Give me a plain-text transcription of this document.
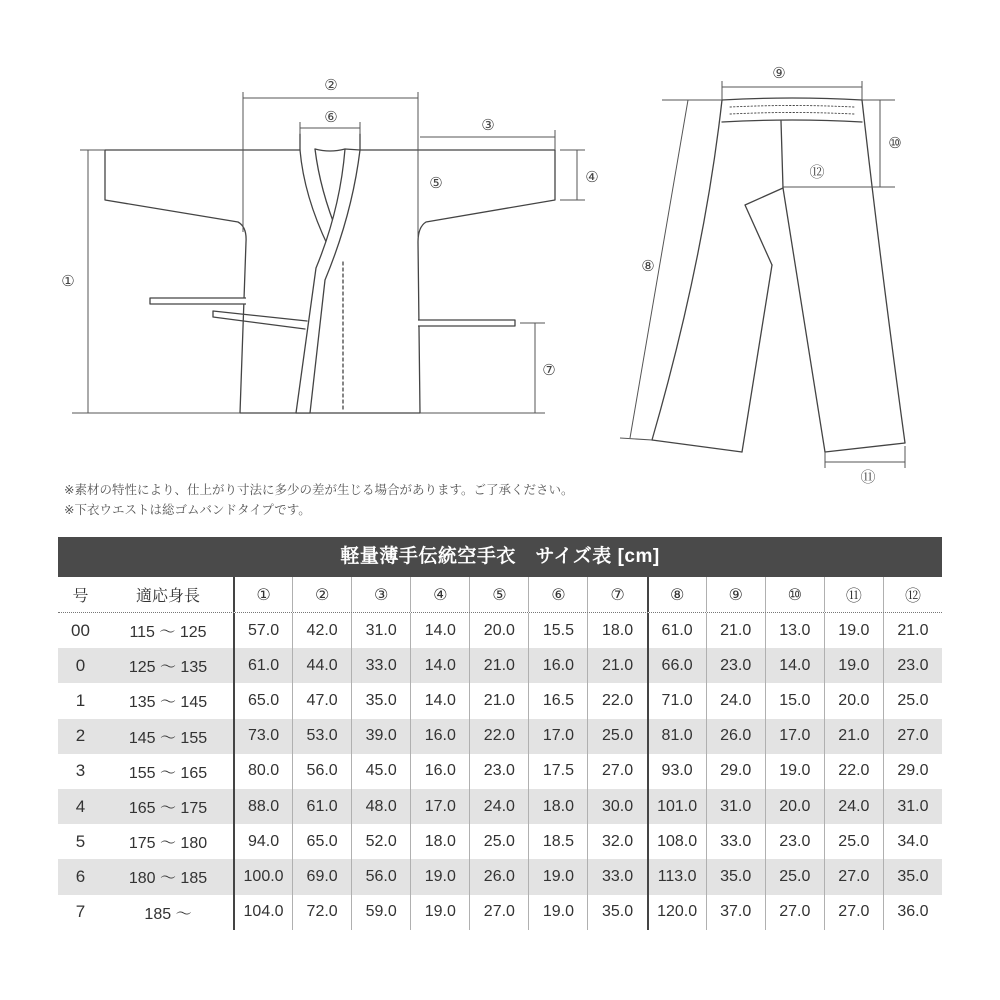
①
②
③
④
⑤
⑥
⑦
⑧
⑨
⑩
⑪
⑫
※素材の特性により、仕上がり寸法に多少の差が生じる場合があります。ご了承ください。
※下衣ウエストは総ゴムバンドタイプです。
軽量薄手伝統空手衣　サイズ表 [cm]
号	適応身長	①	②	③	④	⑤	⑥	⑦	⑧	⑨	⑩	⑪	⑫
00	115 ～ 125	57.0	42.0	31.0	14.0	20.0	15.5	18.0	61.0	21.0	13.0	19.0	21.0
0	125 ～ 135	61.0	44.0	33.0	14.0	21.0	16.0	21.0	66.0	23.0	14.0	19.0	23.0
1	135 ～ 145	65.0	47.0	35.0	14.0	21.0	16.5	22.0	71.0	24.0	15.0	20.0	25.0
2	145 ～ 155	73.0	53.0	39.0	16.0	22.0	17.0	25.0	81.0	26.0	17.0	21.0	27.0
3	155 ～ 165	80.0	56.0	45.0	16.0	23.0	17.5	27.0	93.0	29.0	19.0	22.0	29.0
4	165 ～ 175	88.0	61.0	48.0	17.0	24.0	18.0	30.0	101.0	31.0	20.0	24.0	31.0
5	175 ～ 180	94.0	65.0	52.0	18.0	25.0	18.5	32.0	108.0	33.0	23.0	25.0	34.0
6	180 ～ 185	100.0	69.0	56.0	19.0	26.0	19.0	33.0	113.0	35.0	25.0	27.0	35.0
7	185 ～	104.0	72.0	59.0	19.0	27.0	19.0	35.0	120.0	37.0	27.0	27.0	36.0
